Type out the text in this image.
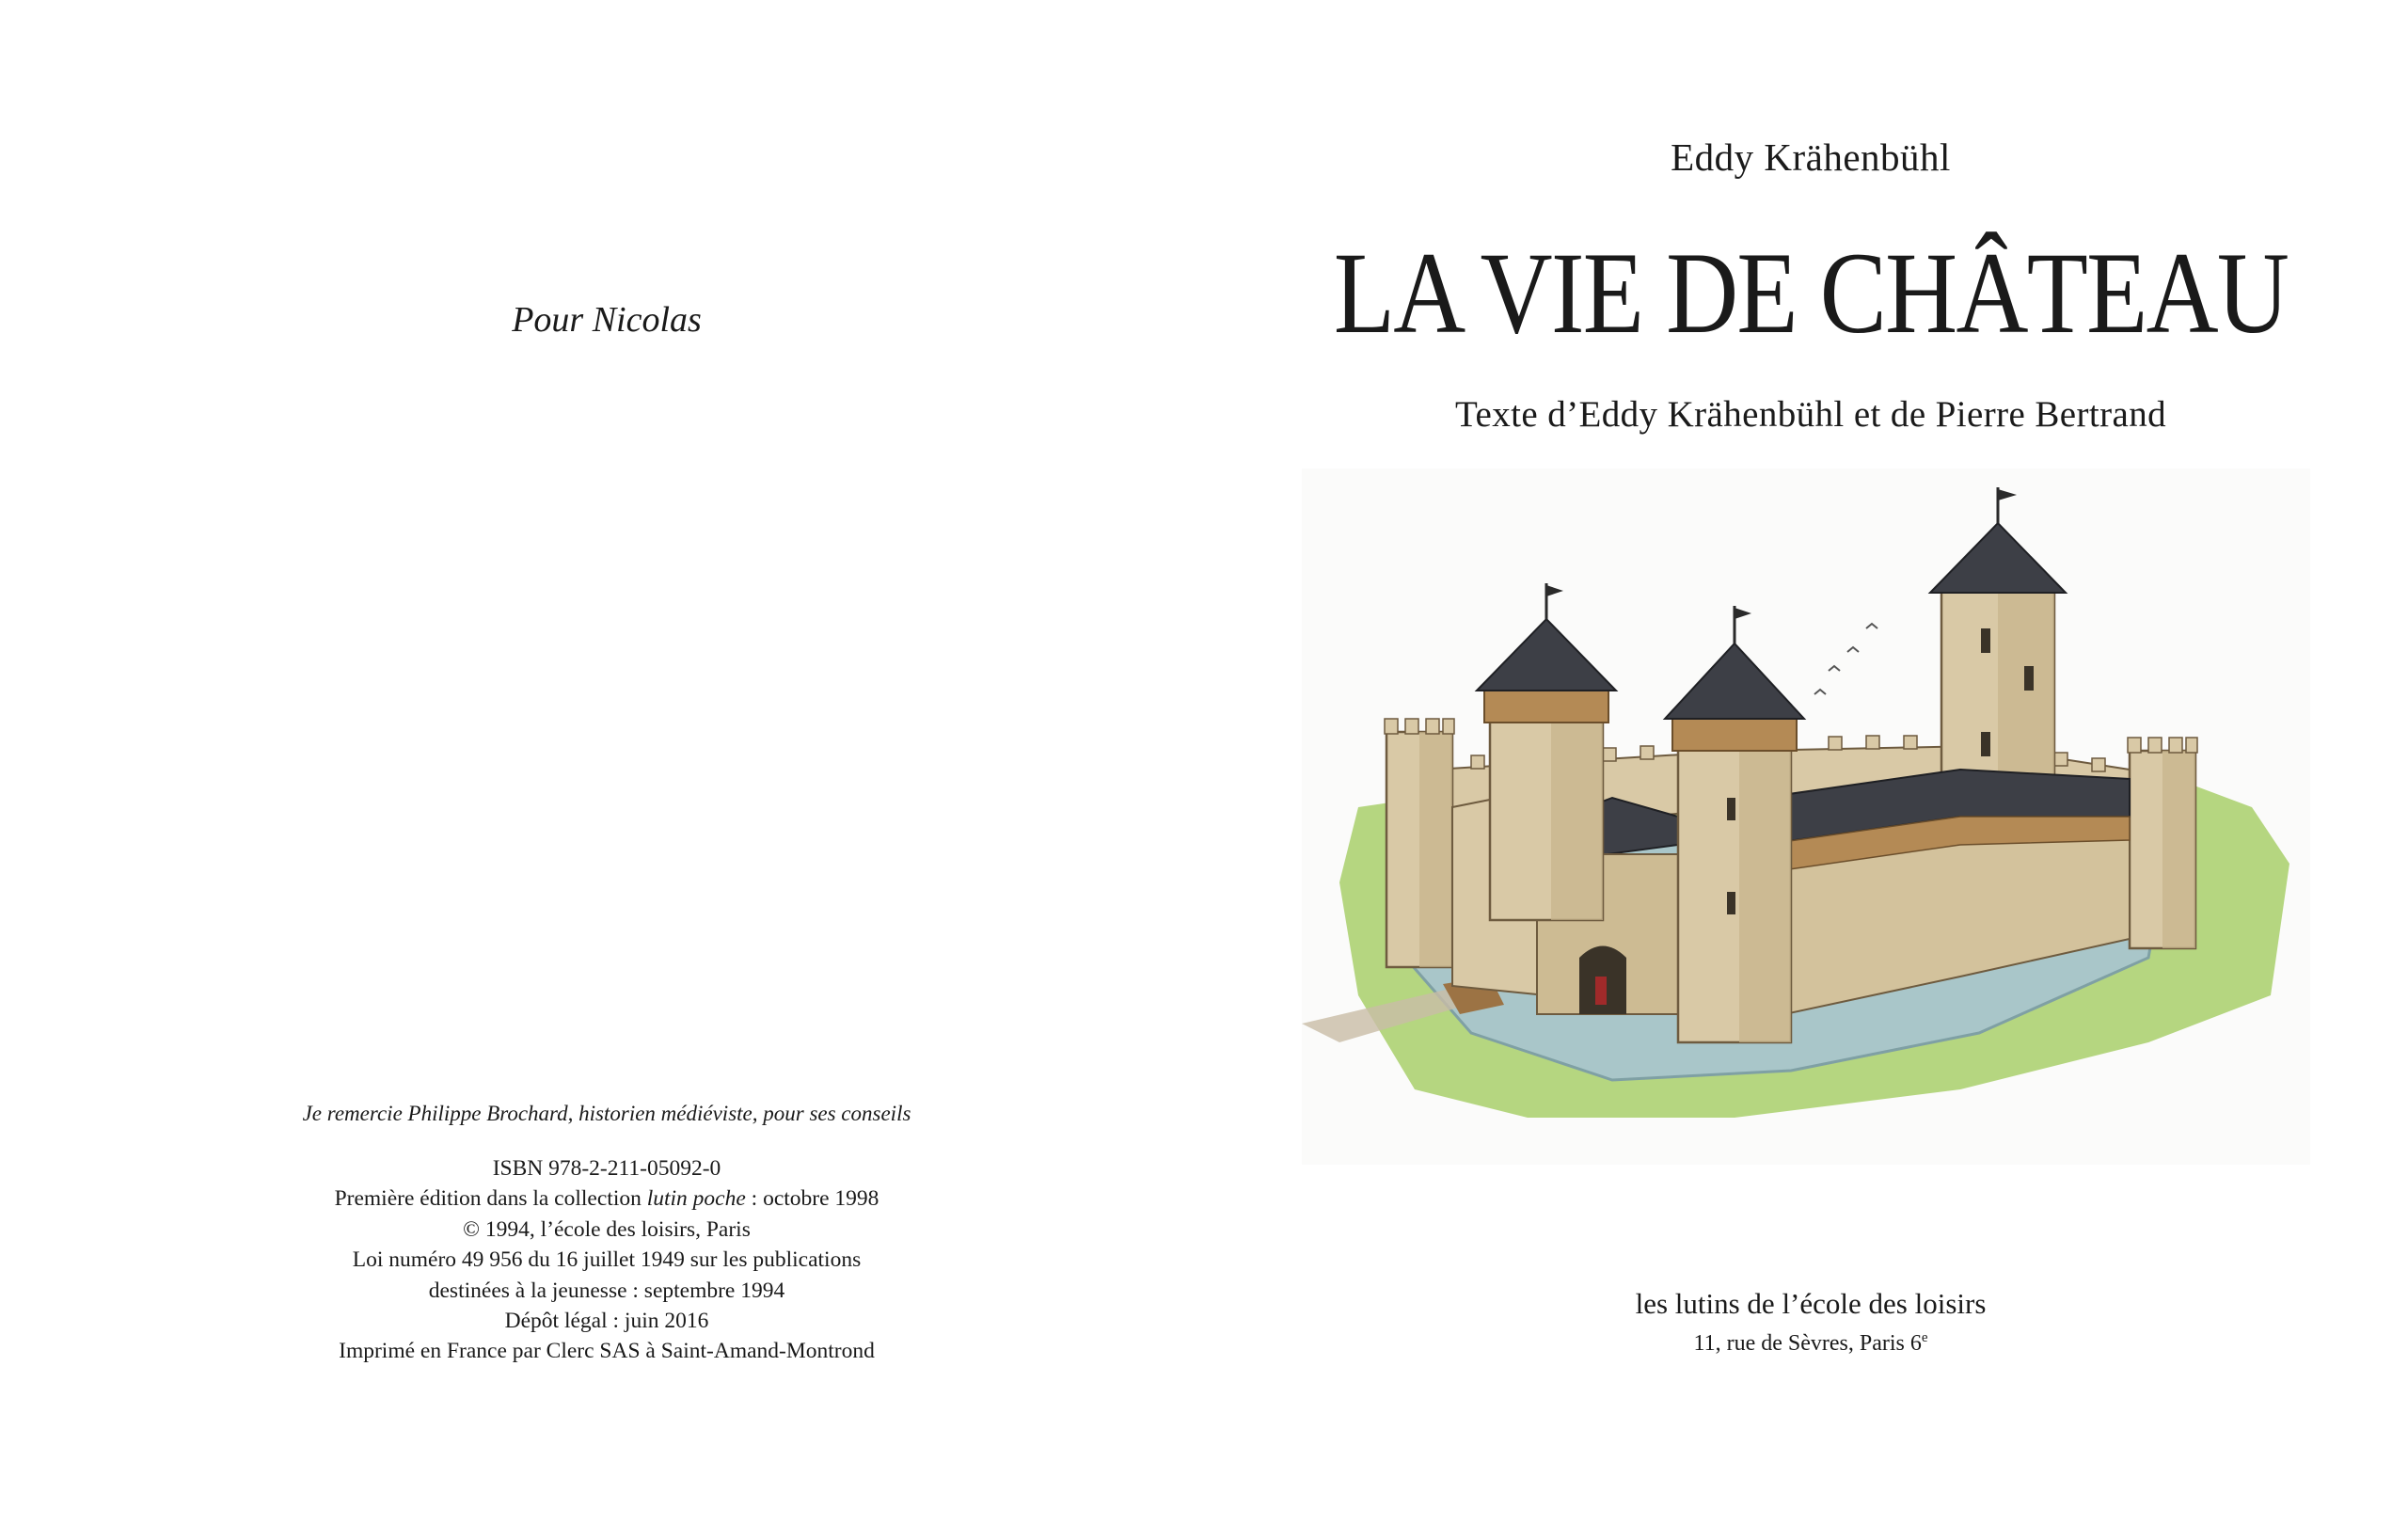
Pour Nicolas
Je remercie Philippe Brochard, historien médiéviste, pour ses conseils
ISBN 978-2-211-05092-0
Première édition dans la collection lutin poche : octobre 1998
© 1994, l’école des loisirs, Paris
Loi numéro 49 956 du 16 juillet 1949 sur les publications
destinées à la jeunesse : septembre 1994
Dépôt légal : juin 2016
Imprimé en France par Clerc SAS à Saint-Amand-Montrond
Eddy Krähenbühl
LA VIE DE CHÂTEAU
Texte d’Eddy Krähenbühl et de Pierre Bertrand
les lutins de l’école des loisirs
11, rue de Sèvres, Paris 6e
